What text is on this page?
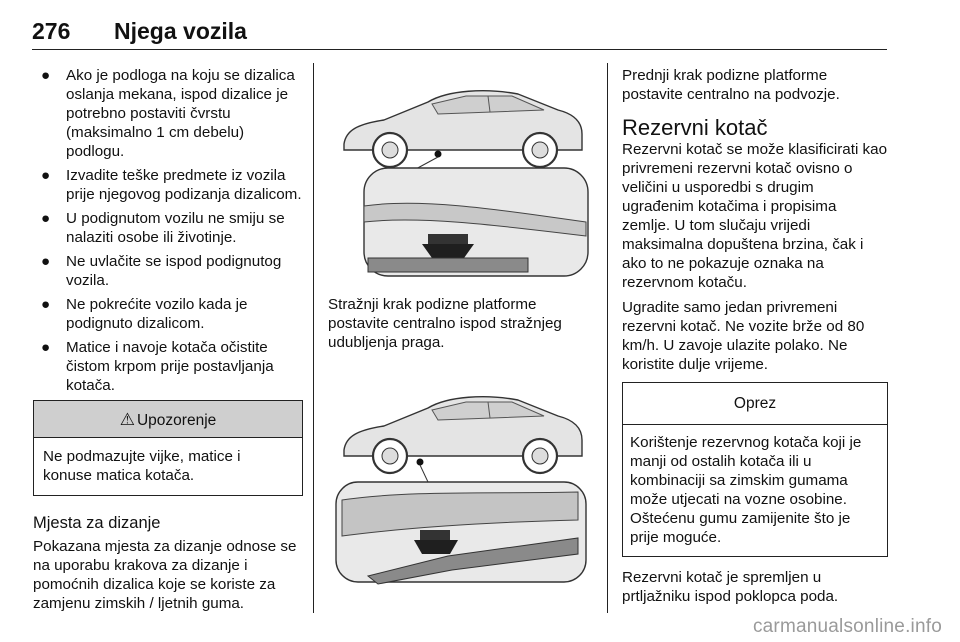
276 Njega vozila
● Ako je podloga na koju se dizalica oslanja mekana, ispod dizalice je potrebno postaviti čvrstu (maksimalno 1 cm debelu) podlogu.
● Izvadite teške predmete iz vozila prije njegovog podizanja dizalicom.
● U podignutom vozilu ne smiju se nalaziti osobe ili životinje.
● Ne uvlačite se ispod podignutog vozila.
● Ne pokrećite vozilo kada je podignuto dizalicom.
● Matice i navoje kotača očistite čistom krpom prije postavljanja kotača.
⚠ Upozorenje
Ne podmazujte vijke, matice i konuse matica kotača.
Mjesta za dizanje

Pokazana mjesta za dizanje odnose se na uporabu krakova za dizanje i pomoćnih dizalica koje se koriste za zamjenu zimskih / ljetnih guma.

Stražnji krak podizne platforme postavite centralno ispod stražnjeg udubljenja praga.

Prednji krak podizne platforme postavite centralno na podvozje.

Rezervni kotač

Rezervni kotač se može klasificirati kao privremeni rezervni kotač ovisno o veličini u usporedbi s drugim ugrađenim kotačima i propisima zemlje. U tom slučaju vrijedi maksimalna dopuštena brzina, čak i ako to ne pokazuje oznaka na rezervnom kotaču.

Ugradite samo jedan privremeni rezervni kotač. Ne vozite brže od 80 km/h. U zavoje ulazite polako. Ne koristite dulje vrijeme.

Oprez
Korištenje rezervnog kotača koji je manji od ostalih kotača ili u kombinaciji sa zimskim gumama može utjecati na vozne osobine. Oštećenu gumu zamijenite što je prije moguće.

Rezervni kotač je spremljen u prtljažniku ispod poklopca poda.

carmanualsonline.info
